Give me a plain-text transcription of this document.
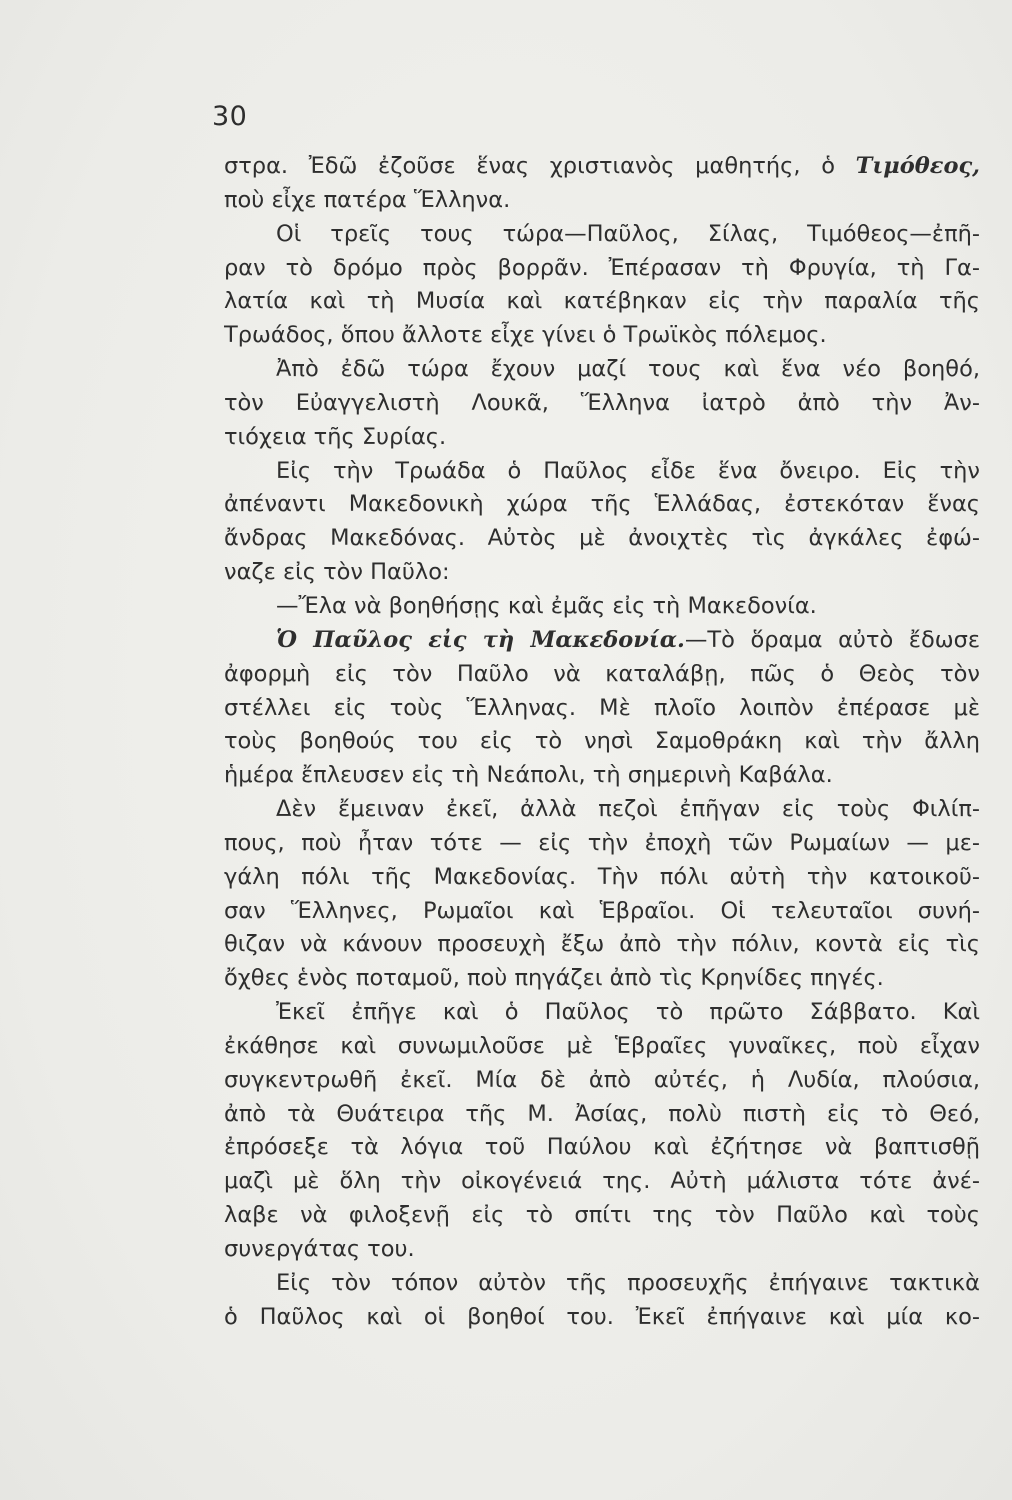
30
στρα. Ἐδῶ ἐζοῦσε ἕνας χριστιανὸς μαθητής, ὁ Τιμόθεος,
ποὺ εἶχε πατέρα Ἕλληνα.
Οἱ τρεῖς τους τώρα—Παῦλος, Σίλας, Τιμόθεος—ἐπῆ-
ραν τὸ δρόμο πρὸς βορρᾶν. Ἐπέρασαν τὴ Φρυγία, τὴ Γα-
λατία καὶ τὴ Μυσία καὶ κατέβηκαν εἰς τὴν παραλία τῆς
Τρωάδος, ὅπου ἄλλοτε εἶχε γίνει ὁ Τρωϊκὸς πόλεμος.
Ἀπὸ ἐδῶ τώρα ἔχουν μαζί τους καὶ ἕνα νέο βοηθό,
τὸν Εὐαγγελιστὴ Λουκᾶ, Ἕλληνα ἰατρὸ ἀπὸ τὴν Ἀν-
τιόχεια τῆς Συρίας.
Εἰς τὴν Τρωάδα ὁ Παῦλος εἶδε ἕνα ὄνειρο. Εἰς τὴν
ἀπέναντι Μακεδονικὴ χώρα τῆς Ἑλλάδας, ἐστεκόταν ἕνας
ἄνδρας Μακεδόνας. Αὐτὸς μὲ ἀνοιχτὲς τὶς ἀγκάλες ἐφώ-
ναζε εἰς τὸν Παῦλο:
—Ἔλα νὰ βοηθήσῃς καὶ ἐμᾶς εἰς τὴ Μακεδονία.
Ὁ Παῦλος εἰς τὴ Μακεδονία.—Τὸ ὅραμα αὐτὸ ἔδωσε
ἀφορμὴ εἰς τὸν Παῦλο νὰ καταλάβῃ, πῶς ὁ Θεὸς τὸν
στέλλει εἰς τοὺς Ἕλληνας. Μὲ πλοῖο λοιπὸν ἐπέρασε μὲ
τοὺς βοηθούς του εἰς τὸ νησὶ Σαμοθράκη καὶ τὴν ἄλλη
ἡμέρα ἔπλευσεν εἰς τὴ Νεάπολι, τὴ σημερινὴ Καβάλα.
Δὲν ἔμειναν ἐκεῖ, ἀλλὰ πεζοὶ ἐπῆγαν εἰς τοὺς Φιλίπ-
πους, ποὺ ἦταν τότε — εἰς τὴν ἐποχὴ τῶν Ρωμαίων — με-
γάλη πόλι τῆς Μακεδονίας. Τὴν πόλι αὐτὴ τὴν κατοικοῦ-
σαν Ἕλληνες, Ρωμαῖοι καὶ Ἑβραῖοι. Οἱ τελευταῖοι συνή-
θιζαν νὰ κάνουν προσευχὴ ἔξω ἀπὸ τὴν πόλιν, κοντὰ εἰς τὶς
ὄχθες ἑνὸς ποταμοῦ, ποὺ πηγάζει ἀπὸ τὶς Κρηνίδες πηγές.
Ἐκεῖ ἐπῆγε καὶ ὁ Παῦλος τὸ πρῶτο Σάββατο. Καὶ
ἐκάθησε καὶ συνωμιλοῦσε μὲ Ἑβραῖες γυναῖκες, ποὺ εἶχαν
συγκεντρωθῆ ἐκεῖ. Μία δὲ ἀπὸ αὐτές, ἡ Λυδία, πλούσια,
ἀπὸ τὰ Θυάτειρα τῆς Μ. Ἀσίας, πολὺ πιστὴ εἰς τὸ Θεό,
ἐπρόσεξε τὰ λόγια τοῦ Παύλου καὶ ἐζήτησε νὰ βαπτισθῇ
μαζὶ μὲ ὅλη τὴν οἰκογένειά της. Αὐτὴ μάλιστα τότε ἀνέ-
λαβε νὰ φιλοξενῇ εἰς τὸ σπίτι της τὸν Παῦλο καὶ τοὺς
συνεργάτας του.
Εἰς τὸν τόπον αὐτὸν τῆς προσευχῆς ἐπήγαινε τακτικὰ
ὁ Παῦλος καὶ οἱ βοηθοί του. Ἐκεῖ ἐπήγαινε καὶ μία κο-
